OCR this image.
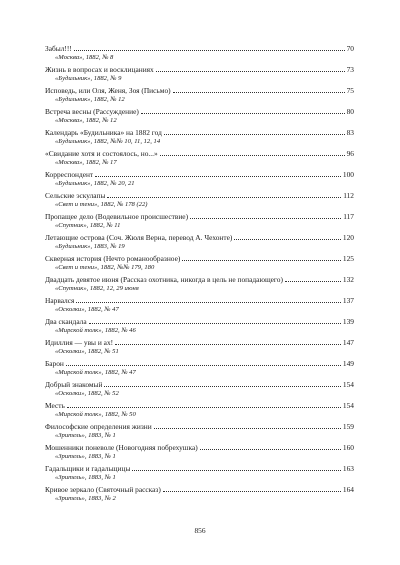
Забыл!!!	70
«Москва», 1882, № 8
Жизнь в вопросах и восклицаниях	73
«Будильник», 1882, № 9
Исповедь, или Оля, Женя, Зоя (Письмо)	75
«Будильник», 1882, № 12
Встреча весны (Рассуждение)	80
«Москва», 1882, № 12
Календарь «Будильника» на 1882 год	83
«Будильник», 1882, №№ 10, 11, 12, 14
«Свидание хотя и состоялось, но...»	96
«Москва», 1882, № 17
Корреспондент	100
«Будильник», 1882, № 20, 21
Сельские эскулапы	112
«Свет и тени», 1882, № 178 (22)
Пропащее дело (Водевильное происшествие)	117
«Спутник», 1882, № 11
Летающие острова (Соч. Жюля Верна, перевод А. Чехонте)	120
«Будильник», 1883, № 19
Скверная история (Нечто романообразное)	125
«Свет и тени», 1882, №№ 179, 180
Двадцать девятое июня (Рассказ охотника, никогда в цель не попадающего)	132
«Спутник», 1882, 12, 29 июня
Нарвался	137
«Осколки», 1882, № 47
Два скандала	139
«Мирской толк», 1882, № 46
Идиллия — увы и ах!	147
«Осколки», 1882, № 51
Барон	149
«Мирской толк», 1882, № 47
Добрый знакомый	154
«Осколки», 1882, № 52
Месть	154
«Мирской толк», 1882, № 50
Философские определения жизни	159
«Зритель», 1883, № 1
Мошенники поневоле (Новогодняя побрехушка)	160
«Зритель», 1883, № 1
Гадальщики и гадальщицы	163
«Зритель», 1883, № 1
Кривое зеркало (Святочный рассказ)	164
«Зритель», 1883, № 2
856
